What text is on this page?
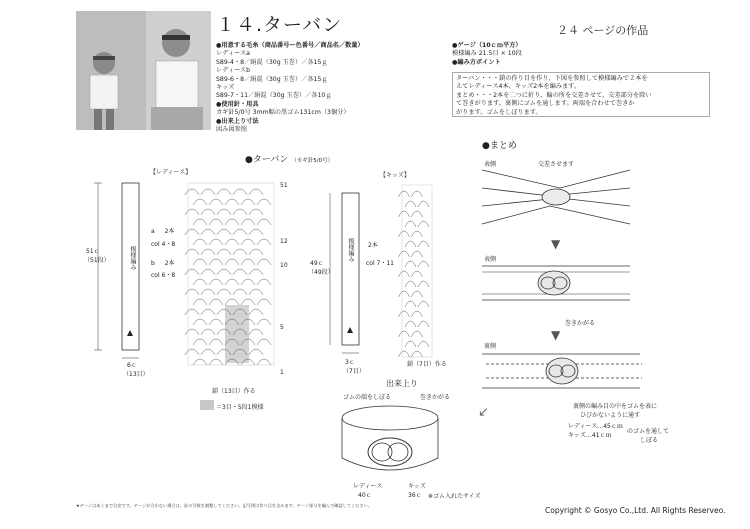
１４.ターバン	２４ ページの作品
●用意する毛糸（商品番号ー色番号／商品名／数量）
レディースa
S89-4・8／絹混（30g 玉巻）／各15ｇ
レディースb
S89-6・8／絹混（30g 玉巻）／各15ｇ
キッズ
S89-7・11／絹混（30g 玉巻）／各10ｇ
●使用針・用具
カギ針5/0号 3mm幅の黒ゴム131cm（3個分）
●出来上り寸法
図み図参照
●ゲージ（10ｃｍ平方）
模様編み 21.5目 × 10段
●編み方ポイント
ターバン・・・鎖の作り目を作り、下図を参照して模様編みで２本を
えてレディース4本、キッズ2本を編みます。
まとめ・・・2本を二つに折り、輪の所を交差させて、交差部分を除い
て巻きがります。裏側にゴムを通します。両端を合わせて巻きか
がります。ゴムをしぼります。
●ターバン （カギ針5/0号）
【レディース】	【キッズ】
模様編み
51ｃ
（51段）
6ｃ
（13目）
a 2本
col 4・8
b 2本
col 6・8
51
12
10
5
1
鎖（13目）作る
＝3目・5段1模様
模様編み
49ｃ
（49段）
2本
col 7・11
3ｃ
（7目）
鎖（7目）作る
出来上り
ゴムの端をしぼる	巻きかがる
レディース
40ｃ
キッズ
36ｃ ※ゴム入れたサイズ
●まとめ
表側	交差させます
▼
表側
巻きかがる
▼
裏側
裏側の編み目の中をゴムを表に
ひびかないように通す
レディース…45ｃｍ
キッズ…41ｃｍ
のゴムを通して
しぼる
↙
★ゲージはあくまで目安です。ゲージが合わない場合は、針の号数を調整してください。記号図は作り目を含みます。ゲージ部分を編んで確認してください。
Copyright © Gosyo Co.,Ltd. All Rights Reserveo.
